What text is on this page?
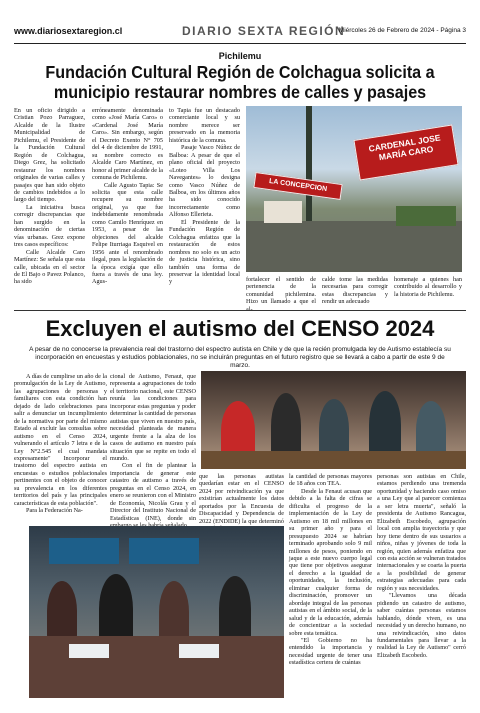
www.diariosextaregion.cl	DIARIO SEXTA REGIÓN
Miércoles 26 de Febrero de 2024 - Página 3
Pichilemu
Fundación Cultural Región de Colchagua solicita a municipio restaurar nombres de calles y pasajes

En un oficio dirigido a Cristian Pozo Parraguez, Alcalde de la Ilustre Municipalidad de Pichilemu, el Presidente de la Fundación Cultural Región de Colchagua, Diego Grez, ha solicitado restaurar los nombres originales de varias calles y pasajes que han sido objeto de cambios indebidos a lo largo del tiempo.

La iniciativa busca corregir discrepancias que han surgido en la denominación de ciertas vías urbanas. Grez expone tres casos específicos:

Calle Alcalde Caro Martínez: Se señala que esta calle, ubicada en el sector de El Bajo o Pavez Polanco, ha sido

erróneamente denominada como «José María Caro» o «Cardenal José María Caro». Sin embargo, según el Decreto Exento N° 705 del 4 de diciembre de 1991, su nombre correcto es Alcalde Caro Martínez, en honor al primer alcalde de la comuna de Pichilemu.

Calle Agusto Tapia: Se solicita que esta calle recupere su nombre original, ya que fue indebidamente renombrada como Camilo Henríquez en 1953, a pesar de las objeciones del alcalde Felipe Iturriaga Esquivel en 1956 ante el renombrado ilegal, pues la legislación de la época exigía que ello fuera a través de una ley. Agus-

to Tapia fue un destacado comerciante local y su nombre merece ser preservado en la memoria histórica de la comuna.

Pasaje Vasco Núñez de Balboa: A pesar de que el plano oficial del proyecto «Loteo Villa Los Navegantes» lo designa como Vasco Núñez de Balboa, en los últimos años ha sido conocido incorrectamente como Alfonso Ellerieta.

El Presidente de la Fundación Región de Colchagua enfatiza que la restauración de estos nombres no solo es un acto de justicia histórica, sino también una forma de preservar la identidad local y

CARDENAL JOSE MARÍA CARO
LA CONCEPCION

fortalecer el sentido de pertenencia de la comunidad pichilemina. Hizo un llamado a que el

calde tome las medidas necesarias para corregir estas discrepancias y rendir un adecuado

homenaje a quienes han contribuido al desarrollo y la historia de Pichilemu.

Excluyen el autismo del CENSO 2024
A pesar de no conocerse la prevalencia real del trastorno del espectro autista en Chile y de que la recién promulgada ley de Autismo establecía su incorporación en encuestas y estudios poblacionales, no se incluirán preguntas en el futuro registro que se llevará a cabo a partir de este 9 de marzo.

A días de cumplirse un año de la promulgación de la Ley de Autismo, las agrupaciones de personas y familiares con esta condición han dejado de lado celebraciones para salir a denunciar un incumplimiento de la normativa por parte del mismo Estado al excluir las consultas sobre autismo en el Censo 2024, vulnerando el artículo 7 letra e de la Ley N°2.545 el cual mandata expresamente" Incorporar el trastorno del espectro autista en encuestas o estudios poblacionales pertinentes con el objeto de conocer su prevalencia en los diferentes territorios del país y las principales características de esta población".

Para la Federación Na-

cional de Autismo, Fenaut, que representa a agrupaciones de todo el territorio nacional, este CENSO reunía las condiciones para incorporar estas preguntas y poder determinar la cantidad de personas autistas que viven en nuestro país, necesidad planteada de manera urgente frente a la alza de los casos de autismo en nuestro país situación que se repite en todo el mundo.

Con el fin de plantear la importancia de generar este catastro de autismo a través de preguntas en el Censo 2024, en enero se reunieron con el Ministro de Economía, Nicolás Grau y el Director del Instituto Nacional de Estadísticas (INE), donde sin

que las personas autistas quedarían estar en el CENSO 2024 por reivindicación ya que existirían actualmente los datos aportados por la Encuesta de Discapacidad y Dependencia de 2022 (ENDIDE) la que determinó

la cantidad de personas mayores de 18 años con TEA.

Desde la Fenaut acusan que debido a la falta de cifras se dificulta el progreso de la implementación de la Ley de Autismo en 18 mil millones en su primer año y para el presupuesto 2024 se habrían terminado aprobando solo 9 mil millones de pesos, poniendo en jaque a este nuevo cuerpo legal que tiene por objetivos asegurar el derecho a la igualdad de oportunidades, la inclusión, eliminar cualquier forma de discriminación, promover un abordaje integral de las personas autistas en el ámbito social, de la salud y de la educación, además de concientizar a la sociedad sobre esta temática.

"El Gobierno no ha entendido la importancia y necesidad urgente de tener una estadística certera de cuántas

personas son autistas en Chile, estamos perdiendo una tremenda oportunidad y haciendo caso omiso a una Ley que al parecer comienza a ser letra muerta", señaló la presidenta de Autismo Rancagua, Elizabeth Escobedo, agrupación local con amplia trayectoria y que hoy tiene dentro de sus usuarios a niños, niñas y jóvenes de toda la región, quien además enfatiza que con esta acción se vulneran tratados internacionales y se coarta la puerta a la posibilidad de generar estrategias adecuadas para cada región y sus necesidades.

"Llevamos una década pidiendo un catastro de autismo, saber cuántas personas estamos hablando, dónde viven, es una necesidad y un derecho humano, no una reivindicación, sino datos fundamentales para llevar a la realidad la Ley de Autismo" cerró Elizabeth Escobedo.
